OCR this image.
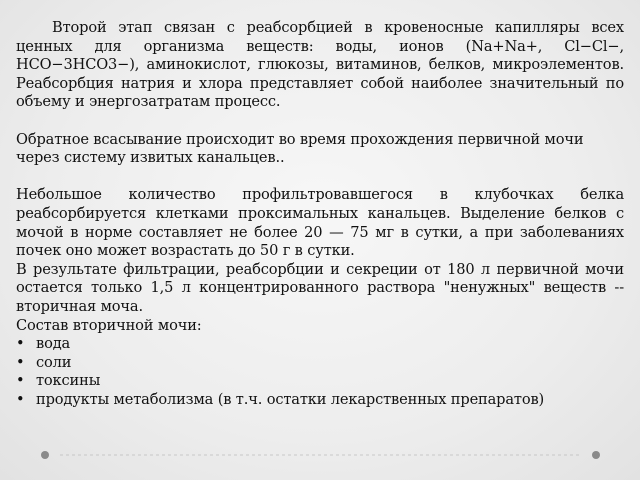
Второй этап связан с реабсорбцией в кровеносные капилляры всех ценных для организма веществ: воды, ионов (Na+Na+, Cl−Cl−, HCO−3HCO3−), аминокислот, глюкозы, витаминов, белков, микроэлементов. Реабсорбция натрия и хлора представляет собой наиболее значительный по объему и энергозатратам процесс.

Обратное всасывание происходит во время прохождения первичной мочи через систему извитых канальцев..

Небольшое количество профильтровавшегося в клубочках белка реабсорбируется клетками проксимальных канальцев. Выделение белков с мочой в норме составляет не более 20 — 75 мг в сутки, а при заболеваниях почек оно может возрастать до 50 г в сутки.

В результате фильтрации, реабсорбции и секреции от 180 л первичной мочи остается только 1,5 л концентрированного раствора "ненужных" веществ -- вторичная моча.

Состав вторичной мочи:

• вода
• соли
• токсины
• продукты метаболизма (в т.ч. остатки лекарственных препаратов)
